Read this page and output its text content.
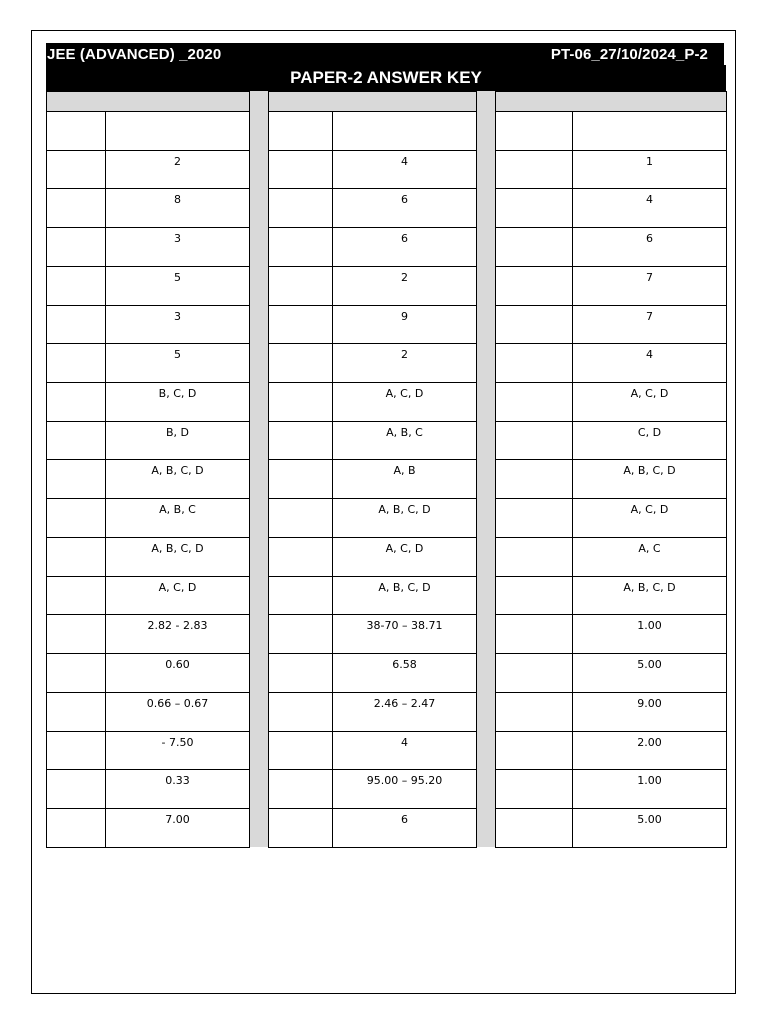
JEE (ADVANCED) _2020	PT-06_27/10/2024_P-2
PAPER-2 ANSWER KEY
2
8
3
5
3
5
B, C, D
B, D
A, B, C, D
A, B, C
A, B, C, D
A, C, D
2.82 - 2.83
0.60
0.66 – 0.67
- 7.50
0.33
7.00
4
6
6
2
9
2
A, C, D
A, B, C
A, B
A, B, C, D
A, C, D
A, B, C, D
38-70 – 38.71
6.58
2.46 – 2.47
4
95.00 – 95.20
6
1
4
6
7
7
4
A, C, D
C, D
A, B, C, D
A, C, D
A, C
A, B, C, D
1.00
5.00
9.00
2.00
1.00
5.00
